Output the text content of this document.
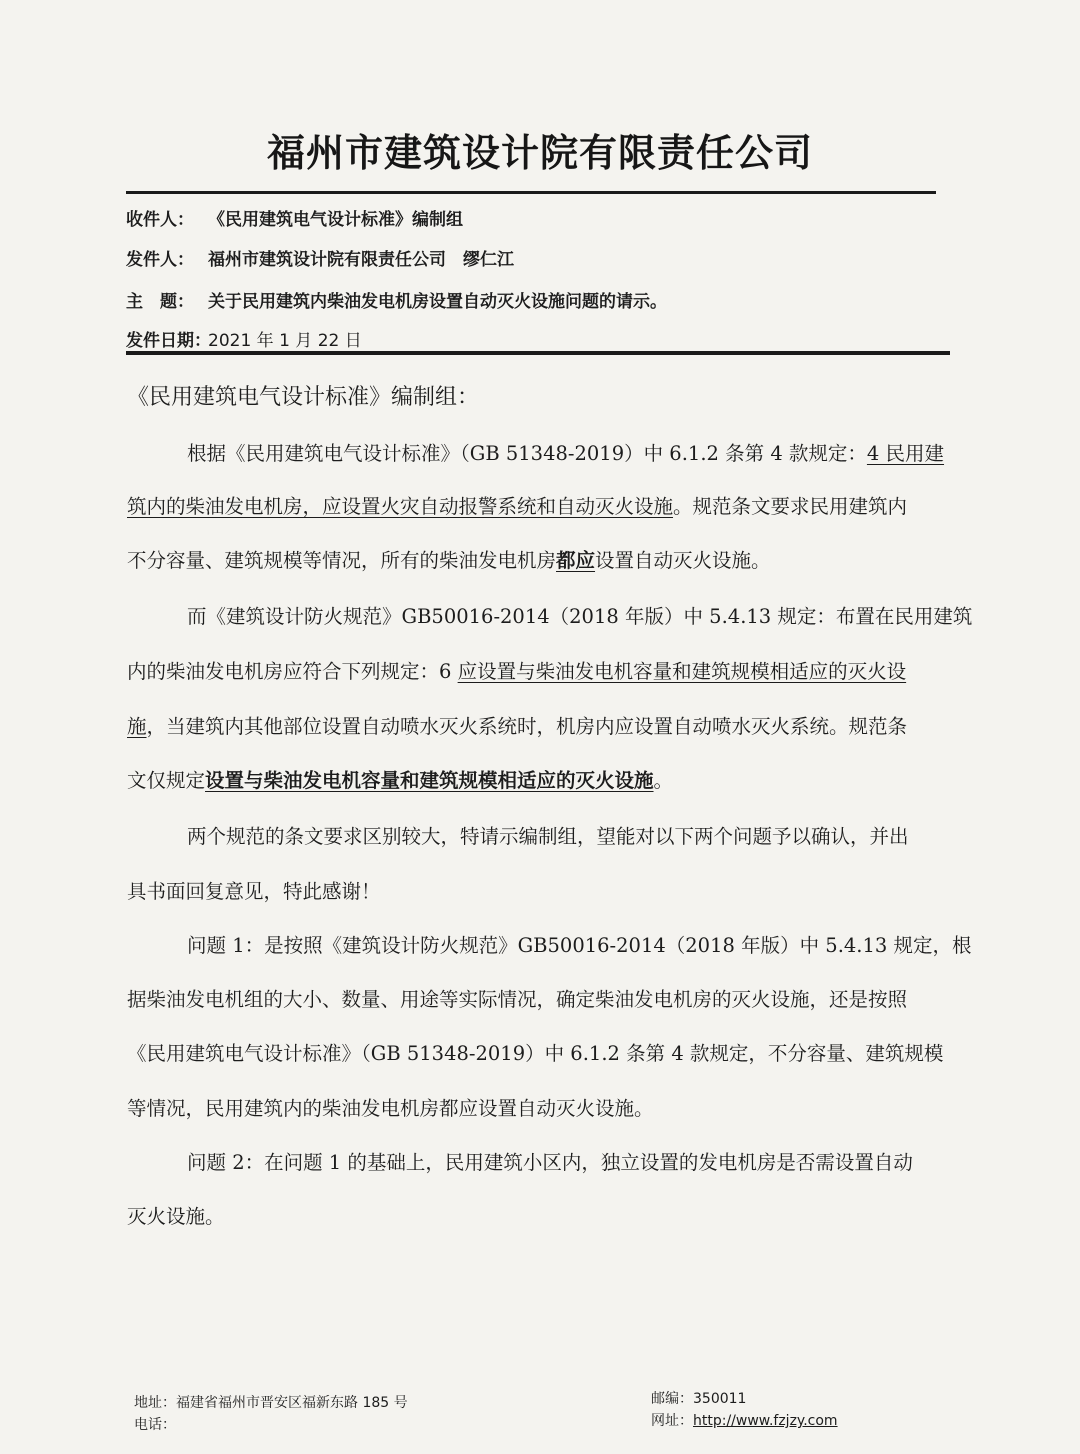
福州市建筑设计院有限责任公司
收件人： 《民用建筑电气设计标准》编制组
发件人： 福州市建筑设计院有限责任公司　缪仁江
主　题： 关于民用建筑内柴油发电机房设置自动灭火设施问题的请示。
发件日期：2021 年 1 月 22 日
《民用建筑电气设计标准》编制组：
根据《民用建筑电气设计标准》（GB 51348-2019）中 6.1.2 条第 4 款规定：4 民用建
筑内的柴油发电机房，应设置火灾自动报警系统和自动灭火设施。规范条文要求民用建筑内
不分容量、建筑规模等情况，所有的柴油发电机房都应设置自动灭火设施。
而《建筑设计防火规范》GB50016-2014（2018 年版）中 5.4.13 规定：布置在民用建筑
内的柴油发电机房应符合下列规定：6 应设置与柴油发电机容量和建筑规模相适应的灭火设
施，当建筑内其他部位设置自动喷水灭火系统时，机房内应设置自动喷水灭火系统。规范条
文仅规定设置与柴油发电机容量和建筑规模相适应的灭火设施。
两个规范的条文要求区别较大，特请示编制组，望能对以下两个问题予以确认，并出
具书面回复意见，特此感谢！
问题 1：是按照《建筑设计防火规范》GB50016-2014（2018 年版）中 5.4.13 规定，根
据柴油发电机组的大小、数量、用途等实际情况，确定柴油发电机房的灭火设施，还是按照
《民用建筑电气设计标准》（GB 51348-2019）中 6.1.2 条第 4 款规定，不分容量、建筑规模
等情况，民用建筑内的柴油发电机房都应设置自动灭火设施。
问题 2：在问题 1 的基础上，民用建筑小区内，独立设置的发电机房是否需设置自动
灭火设施。
地址：福建省福州市晋安区福新东路 185 号
电话：
邮编：350011
网址：http://www.fzjzy.com
